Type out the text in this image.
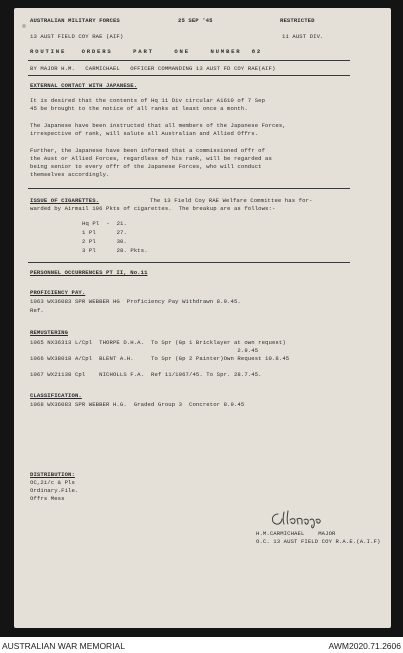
AUSTRALIAN MILITARY FORCES	25 SEP '45	RESTRICTED
13 AUST FIELD COY RAE (AIF)	11 AUST DIV.
ROUTINE   ORDERS    PART    ONE    NUMBER  82
BY MAJOR H.M.   CARMICHAEL   OFFICER COMMANDING 13 AUST FD COY RAE(AIF)
EXTERNAL CONTACT WITH JAPANESE.
It is desired that the contents of Hq 11 Div circular A1610 of 7 Sep
45 be brought to the notice of all ranks at least once a month.
The Japanese have been instructed that all members of the Japanese Forces,
irrespective of rank, will salute all Australian and Allied Offrs.
Further, the Japanese have been informed that a commissioned offr of
the Aust or Allied Forces, regardless of his rank, will be regarded as
being senior to every offr of the Japanese Forces, who will conduct
themselves accordingly.
ISSUE OF CIGARETTES.	The 13 Field Coy RAE Welfare Committee has for-
warded by Airmail 106 Pkts of cigarettes.  The breakup are as follows:-
Hq Pl  -  21.
1 Pl      27.
2 Pl      30.
3 Pl      28. Pkts.
PERSONNEL OCCURRENCES PT II, No.11
PROFICIENCY PAY.
1063 WX36083 SPR WEBBER HG  Proficiency Pay Withdrawn 8.9.45.
Ref.
REMUSTERING
1065 NX36313 L/Cpl  THORPE D.H.A.  To Spr (Gp 1 Bricklayer at own request)
2.9.45
1066 WX38018 A/Cpl  BLENT A.H.     To Spr (Gp 2 Painter)Own Request 10.8.45
1067 WX21138 Cpl    NICHOLLS F.A.  Ref 11/1067/45. To Spr. 28.7.45.
CLASSIFICATION.
1068 WX36083 SPR WEBBER H.G.  Graded Group 3  Concretor 8.9.45
DISTRIBUTION:
OC,2i/c & Pls
Ordinary.File.
Offrs Mess
H.M.CARMICHAEL    MAJOR
O.C. 13 AUST FIELD COY R.A.E.(A.I.F)
AUSTRALIAN WAR MEMORIAL	AWM2020.71.2606
